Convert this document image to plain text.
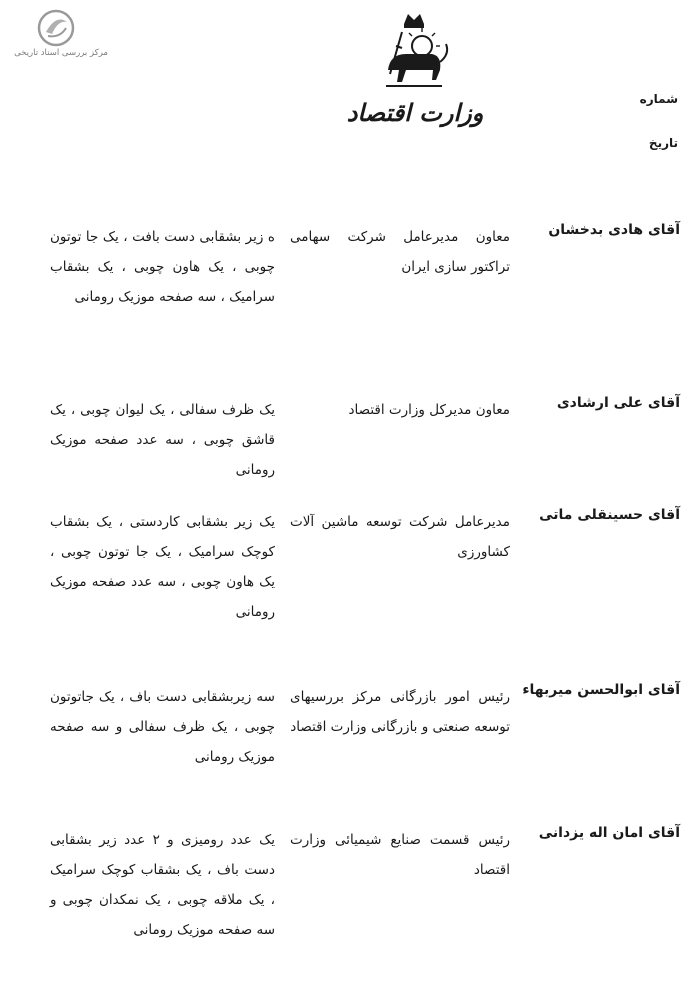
مرکز بررسی اسناد تاریخی
وزارت اقتصاد	شماره
تاریخ
آقای هادی بدخشان
معاون مدیرعامل شرکت سهامی تراکتور سازی ایران
ه زیر بشقابی دست بافت ، یک جا توتون چوبی ، یک هاون چوبی ، یک بشقاب سرامیک ، سه صفحه موزیک رومانی
آقای علی ارشادی
معاون مدیرکل وزارت اقتصاد
یک ظرف سفالی ، یک لیوان چوبی ، یک قاشق چوبی ، سه عدد صفحه موزیک رومانی
آقای حسینقلی ماتی
مدیرعامل شرکت توسعه ماشین آلات کشاورزی
یک زیر بشقابی کاردستی ، یک بشقاب کوچک سرامیک ، یک جا توتون چوبی ، یک هاون چوبی ، سه عدد صفحه موزیک رومانی
آقای ابوالحسن میربهاء
رئیس امور بازرگانی مرکز بررسیهای توسعه صنعتی و بازرگانی وزارت اقتصاد
سه زیربشقابی دست باف ، یک جاتوتون چوبی ، یک ظرف سفالی و سه صفحه موزیک رومانی
آقای امان اله یزدانی
رئیس قسمت صنایع شیمیائی وزارت اقتصاد
یک عدد رومیزی و ۲ عدد زیر بشقابی دست باف ، یک بشقاب کوچک سرامیک ، یک ملاقه چوبی ، یک نمکدان چوبی و سه صفحه موزیک رومانی
